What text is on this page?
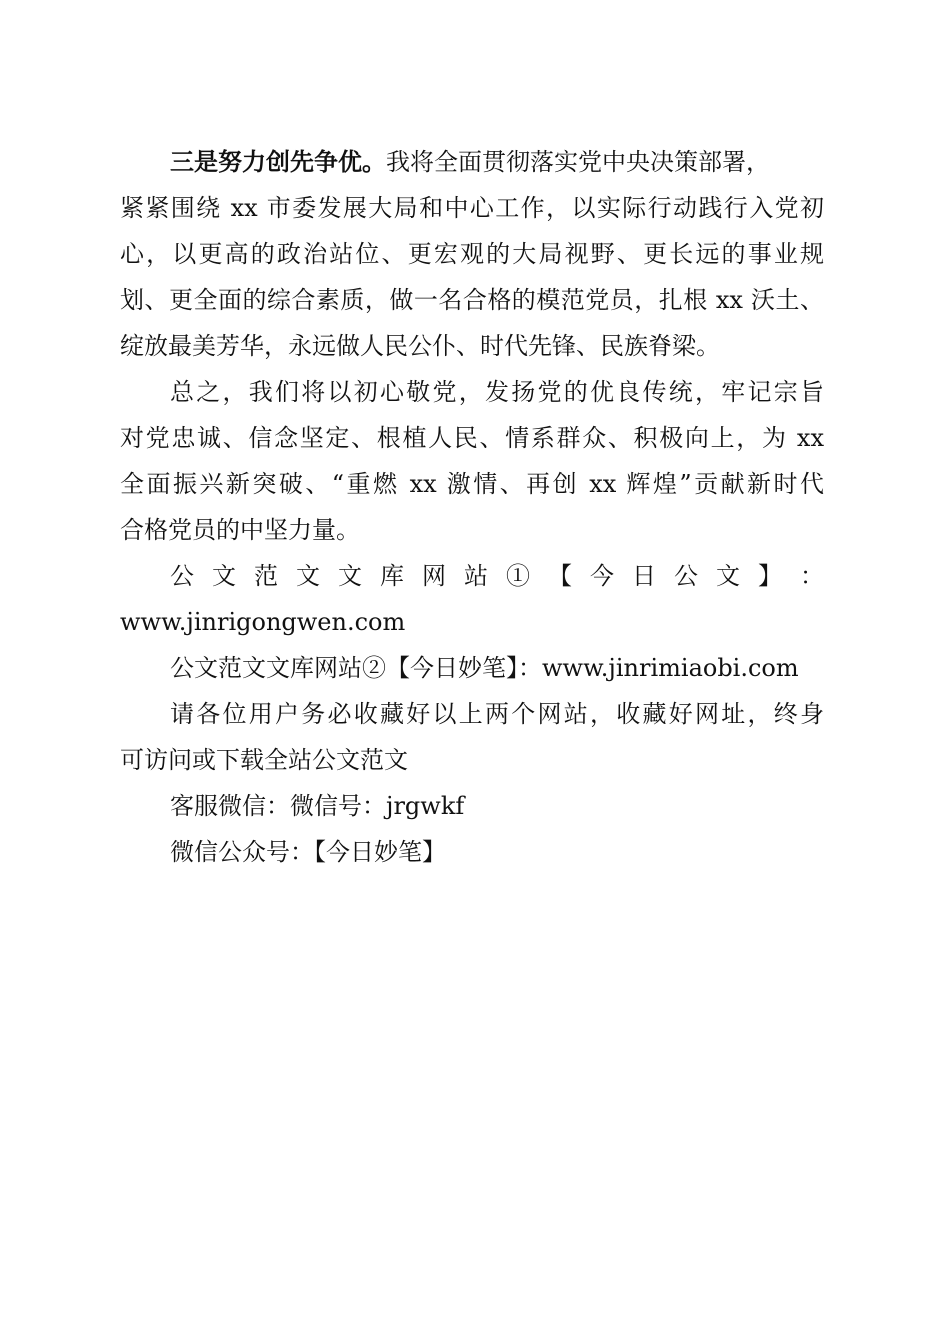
三是努力创先争优。我将全面贯彻落实党中央决策部署，
紧紧围绕 xx 市委发展大局和中心工作，以实际行动践行入党初
心，以更高的政治站位、更宏观的大局视野、更长远的事业规
划、更全面的综合素质，做一名合格的模范党员，扎根 xx 沃土、
绽放最美芳华，永远做人民公仆、时代先锋、民族脊梁。
总之，我们将以初心敬党，发扬党的优良传统，牢记宗旨
对党忠诚、信念坚定、根植人民、情系群众、积极向上，为 xx
全面振兴新突破、“重燃 xx 激情、再创 xx 辉煌”贡献新时代
合格党员的中坚力量。
公 文 范 文 文 库 网 站 ① 【 今 日 公 文 】 ：
www.jinrigongwen.com
公文范文文库网站②【今日妙笔】：www.jinrimiaobi.com
请各位用户务必收藏好以上两个网站，收藏好网址，终身
可访问或下载全站公文范文
客服微信：微信号：jrgwkf
微信公众号：【今日妙笔】
